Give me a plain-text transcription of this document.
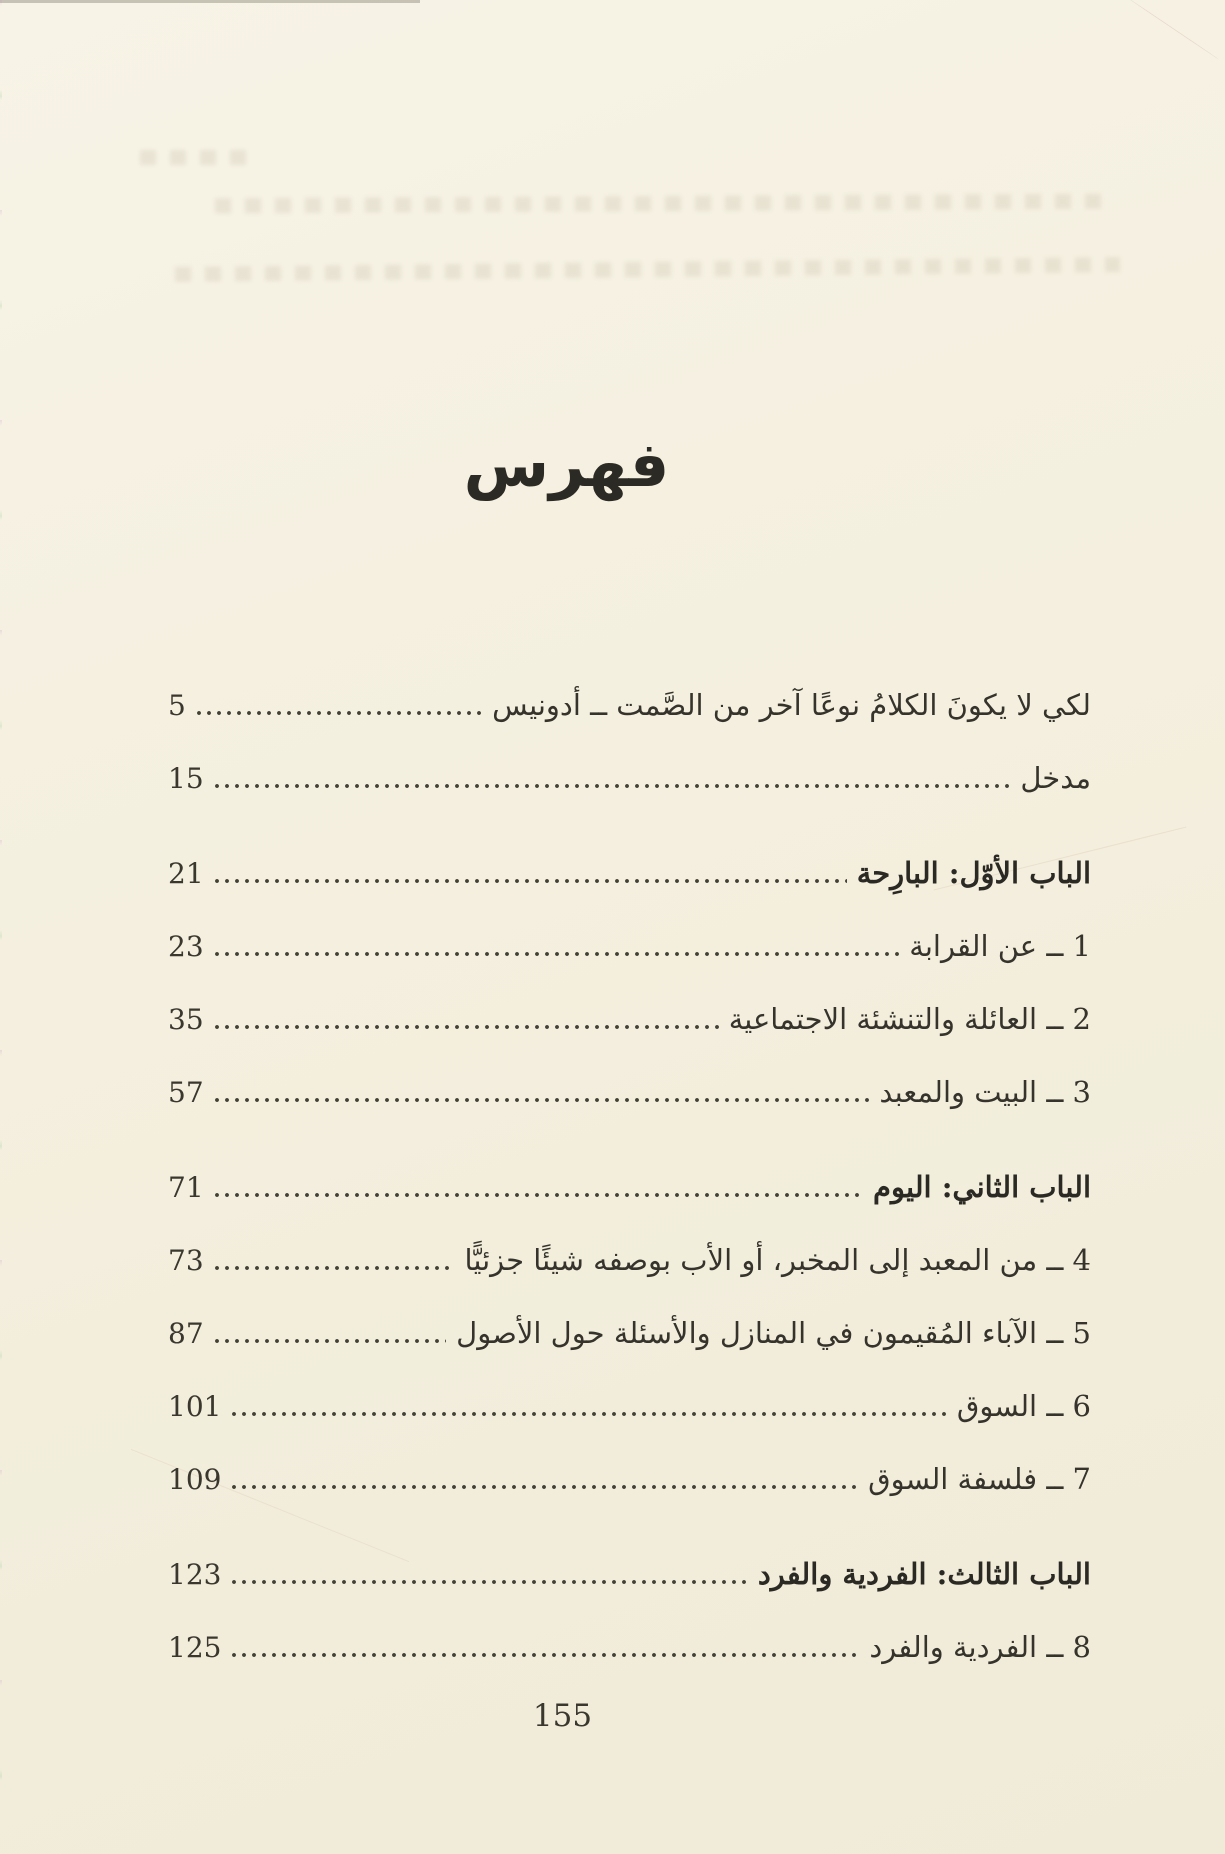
فهرس
لكي لا يكونَ الكلامُ نوعًا آخر من الصَّمت ــ أدونيس
5
مدخل
15
الباب الأوّل: البارِحة
21
1 ــ عن القرابة
23
2 ــ العائلة والتنشئة الاجتماعية
35
3 ــ البيت والمعبد
57
الباب الثاني: اليوم
71
4 ــ من المعبد إلى المخبر، أو الأب بوصفه شيئًا جزئيًّا
73
5 ــ الآباء المُقيمون في المنازل والأسئلة حول الأصول
87
6 ــ السوق
101
7 ــ فلسفة السوق
109
الباب الثالث: الفردية والفرد
123
8 ــ الفردية والفرد
125
155
